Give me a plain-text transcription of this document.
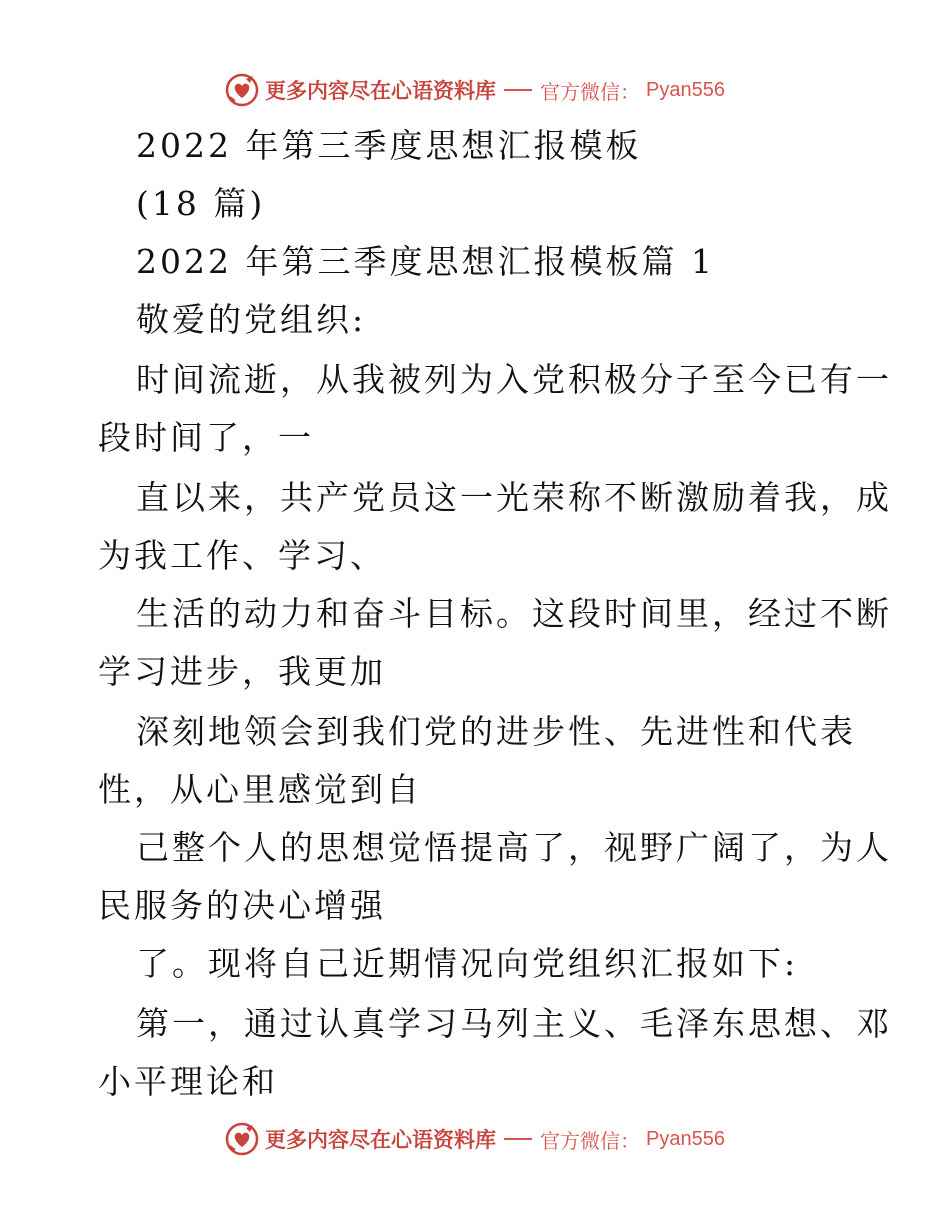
更多内容尽在心语资料库 官方微信： Pyan556
2022 年第三季度思想汇报模板
(18 篇)
2022 年第三季度思想汇报模板篇 1
敬爱的党组织:
时间流逝，从我被列为入党积极分子至今已有一
段时间了，一
直以来，共产党员这一光荣称不断激励着我，成
为我工作、学习、
生活的动力和奋斗目标。这段时间里，经过不断
学习进步，我更加
深刻地领会到我们党的进步性、先进性和代表
性，从心里感觉到自
己整个人的思想觉悟提高了，视野广阔了，为人
民服务的决心增强
了。现将自己近期情况向党组织汇报如下:
第一，通过认真学习马列主义、毛泽东思想、邓
小平理论和
更多内容尽在心语资料库 官方微信： Pyan556
